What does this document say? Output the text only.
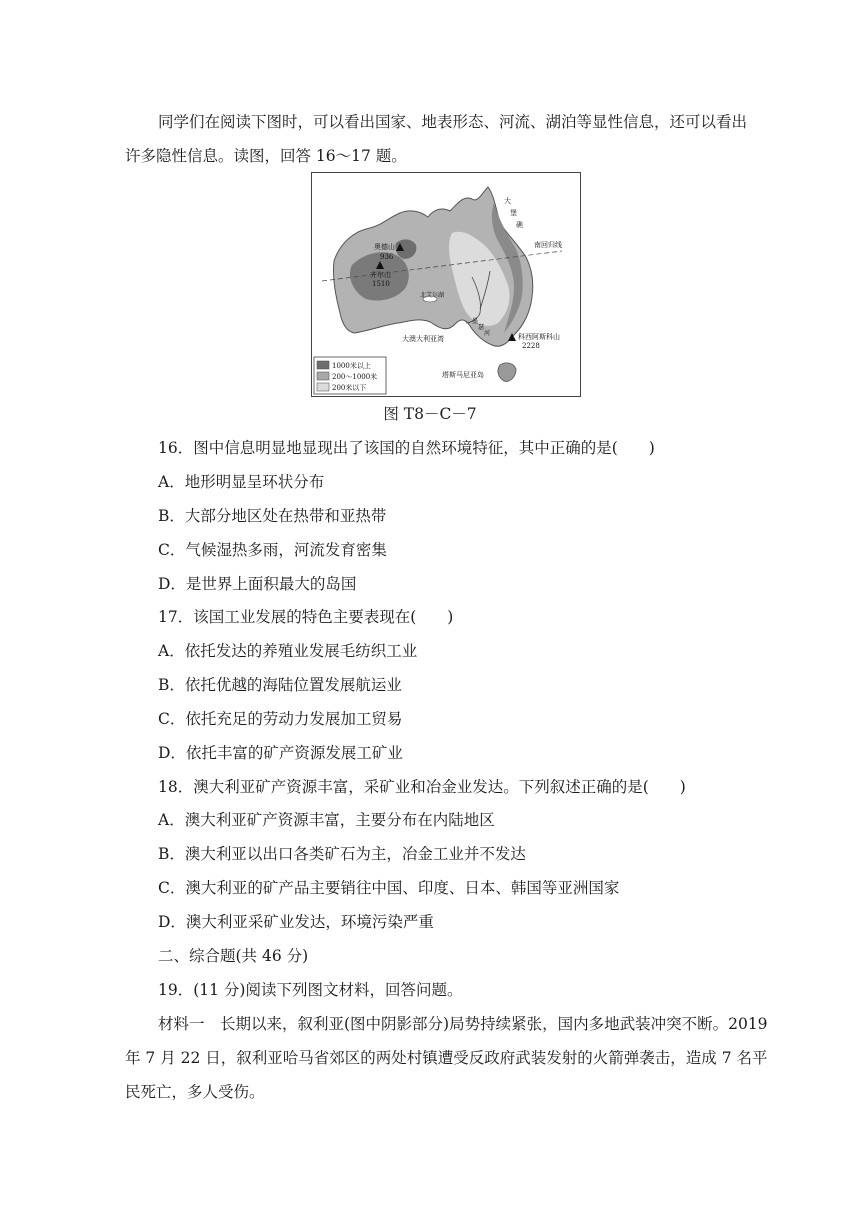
同学们在阅读下图时，可以看出国家、地表形态、河流、湖泊等显性信息，还可以看出
许多隐性信息。读图，回答 16～17 题。
奥德山
936
齐尔山
1510
大
堡
礁
南回归线
北艾尔湖
大澳大利亚湾
墨
瑟
河	科西阿斯科山
2228
塔斯马尼亚岛
1000米以上
200～1000米
200米以下
图 T8－C－7
16．图中信息明显地显现出了该国的自然环境特征，其中正确的是(　　)
A．地形明显呈环状分布
B．大部分地区处在热带和亚热带
C．气候湿热多雨，河流发育密集
D．是世界上面积最大的岛国
17．该国工业发展的特色主要表现在(　　)
A．依托发达的养殖业发展毛纺织工业
B．依托优越的海陆位置发展航运业
C．依托充足的劳动力发展加工贸易
D．依托丰富的矿产资源发展工矿业
18．澳大利亚矿产资源丰富，采矿业和冶金业发达。下列叙述正确的是(　　)
A．澳大利亚矿产资源丰富，主要分布在内陆地区
B．澳大利亚以出口各类矿石为主，冶金工业并不发达
C．澳大利亚的矿产品主要销往中国、印度、日本、韩国等亚洲国家
D．澳大利亚采矿业发达，环境污染严重
二、综合题(共 46 分)
19．(11 分)阅读下列图文材料，回答问题。
材料一　长期以来，叙利亚(图中阴影部分)局势持续紧张，国内多地武装冲突不断。2019
年 7 月 22 日，叙利亚哈马省郊区的两处村镇遭受反政府武装发射的火箭弹袭击，造成 7 名平
民死亡，多人受伤。
